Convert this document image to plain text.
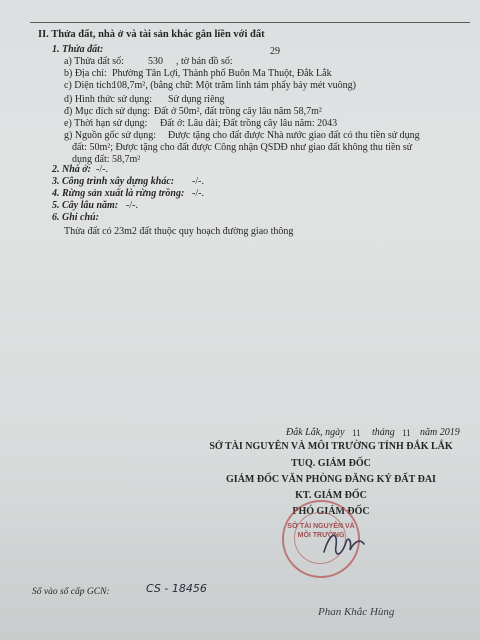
II. Thửa đất, nhà ở và tài sản khác gắn liền với đất
1. Thửa đất:
a) Thửa đất số: 530 , tờ bản đồ số:
29
b) Địa chỉ: Phường Tân Lợi, Thành phố Buôn Ma Thuột, Đắk Lắk
c) Diện tích:
108,7m², (bằng chữ: Một trăm linh tám phẩy bảy mét vuông)
d) Hình thức sử dụng: Sử dụng riêng
đ) Mục đích sử dụng: Đất ở 50m², đất trồng cây lâu năm 58,7m²
e) Thời hạn sử dụng: Đất ở: Lâu dài; Đất trồng cây lâu năm: 2043
g) Nguồn gốc sử dụng: Được tặng cho đất được Nhà nước giao đất có thu tiền sử dụng
đất: 50m²; Được tặng cho đất được Công nhận QSDĐ như giao đất không thu tiền sử
dụng đất: 58,7m²
2. Nhà ở: -/-.
3. Công trình xây dựng khác: -/-.
4. Rừng sản xuất là rừng trồng: -/-.
5. Cây lâu năm: -/-.
6. Ghi chú:
Thửa đất có 23m2 đất thuộc quy hoạch đường giao thông
Đắk Lắk, ngày 11 tháng 11 năm 2019
SỞ TÀI NGUYÊN VÀ MÔI TRƯỜNG TỈNH ĐẮK LẮK
TUQ. GIÁM ĐỐC
GIÁM ĐỐC VĂN PHÒNG ĐĂNG KÝ ĐẤT ĐAI
KT. GIÁM ĐỐC
PHÓ GIÁM ĐỐC
SỞ TÀI NGUYÊN VÀ MÔI TRƯỜNG
Phan Khắc Hùng
Số vào sổ cấp GCN:	CS - 18456
